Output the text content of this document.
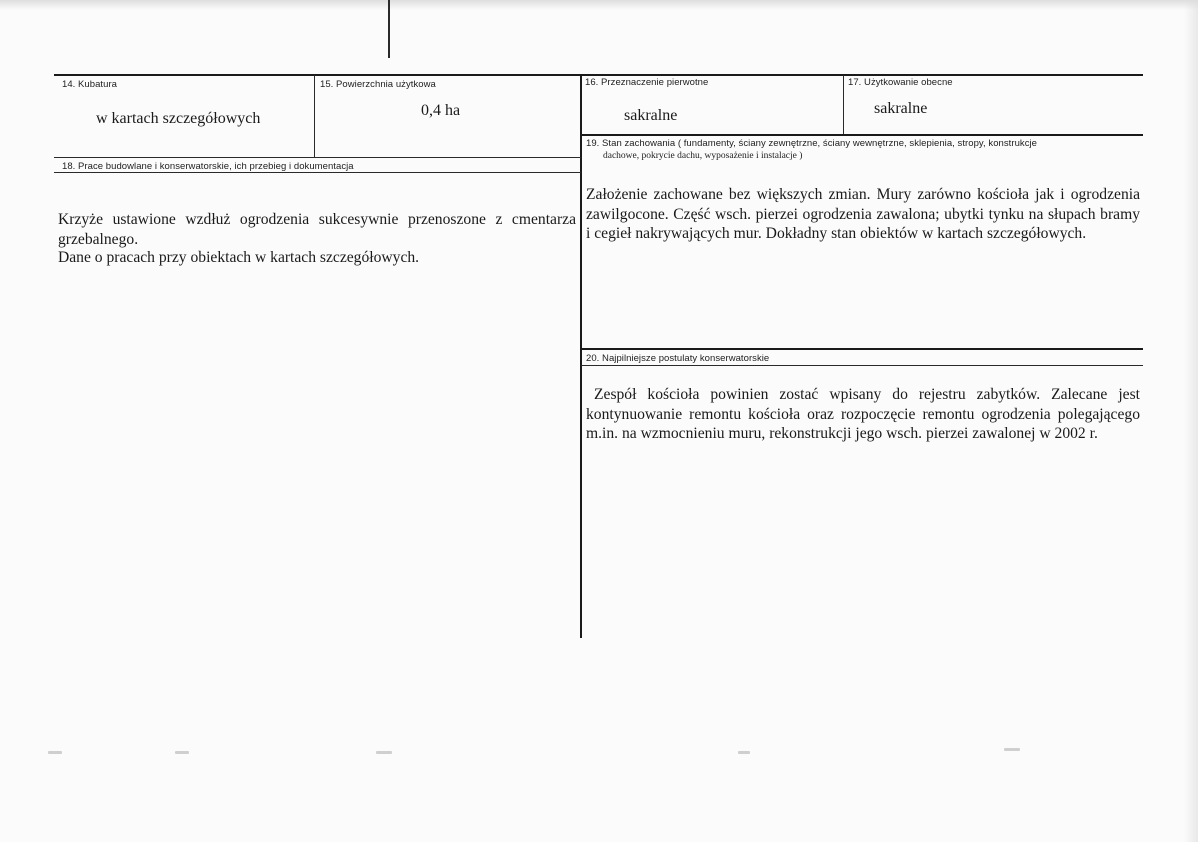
14. Kubatura
w kartach szczegółowych
15. Powierzchnia użytkowa
0,4 ha
16. Przeznaczenie pierwotne
sakralne
17. Użytkowanie obecne
sakralne
18. Prace budowlane i konserwatorskie, ich przebieg i dokumentacja
Krzyże ustawione wzdłuż ogrodzenia sukcesywnie przenoszone z cmentarza grzebalnego.
Dane o pracach przy obiektach w kartach szczegółowych.
19. Stan zachowania ( fundamenty, ściany zewnętrzne, ściany wewnętrzne, sklepienia, stropy, konstrukcje
dachowe, pokrycie dachu, wyposażenie i instalacje )
Założenie zachowane bez większych zmian. Mury zarówno kościoła jak i ogrodzenia zawilgocone. Część wsch. pierzei ogrodzenia zawalona; ubytki tynku na słupach bramy i cegieł nakrywających mur. Dokładny stan obiektów w kartach szczegółowych.
20. Najpilniejsze postulaty konserwatorskie
Zespół kościoła powinien zostać wpisany do rejestru zabytków. Zalecane jest kontynuowanie remontu kościoła oraz rozpoczęcie remontu ogrodzenia polegającego m.in. na wzmocnieniu muru, rekonstrukcji jego wsch. pierzei zawalonej w 2002 r.
